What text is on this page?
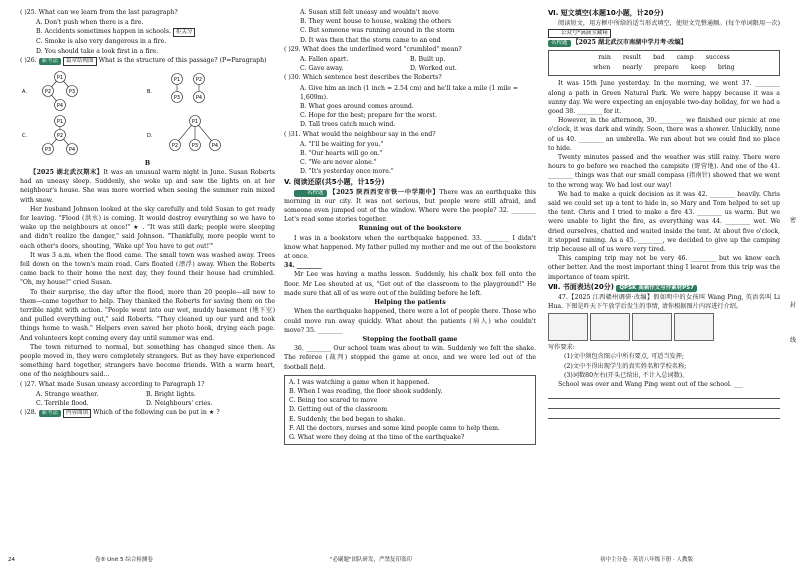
( )25. What can we learn from the last paragraph?
A. Don't push when there is a fire.
B. Accidents sometimes happen in schools. 拒关分
C. Smoke is also very dangerous in a fire.
D. You should take a look first in a fire.
( )26. 新考法 篇章结构图 What is the structure of this passage? (P=Paragraph)
A.
P1
P2	P3
P4
B.
P1	P2
P3	P4
C.
P1
P2
P3	P4
D.
P1
P2	P3	P4
B
【2025 湖北武汉期末】It was an unusual warm night in June. Susan Roberts had an uneasy sleep. Suddenly, she woke up and saw the lights on at her neighbour's house. She was more worried when seeing the summer rain mixed with snow.
Her husband Johnson looked at the sky carefully and told Susan to get ready for leaving. "Flood (洪水) is coming. It would destroy everything so we have to wake up the neighbours at once!" ★ . "It was still dark; people were sleeping and didn't realize the danger," said Johnson. "Thankfully, more people went to each other's doors, shouting, 'Wake up! You have to get out!'"
It was 3 a.m. when the flood came. The small town was washed away. Trees fell down on the town's main road. Cars floated (漂浮) away. When the Roberts came back to their home the next day, they found their house had crumbled. "Oh, my house!" cried Susan.
To their surprise, the day after the flood, more than 20 people—all new to them—came together to help. They thanked the Roberts for saving them on the terrible night with action. "People went into our wet, muddy basement (地下室) and pulled everything out," said Roberts. "They cleaned up our yard and took things home to wash." Helpers even saved her photo book, drying each page. And volunteers kept coming every day until summer was end.
The town returned to normal, but something has changed since then. As people moved in, they were completely strangers. But as they have experienced something hard together, strangers have become friends. With a warm heart, one of the neighbours said...
( )27. What made Susan uneasy according to Paragraph 1?
A. Strange weather.	B. Bright lights.
C. Terrible flood.	D. Neighbours' cries.
( )28. 新考法 内容图填 Which of the following can be put in ★ ?
A. Susan still felt uneasy and wouldn't move
B. They went house to house, waking the others
C. But someone was running around in the storm
D. It was then that the storm came to an end
( )29. What does the underlined word "crumbled" mean?
A. Fallen apart.	B. Built up.
C. Gave away.	D. Worked out.
( )30. Which sentence best describes the Roberts?
A. Give him an inch (1 inch = 2.54 cm) and he'll take a mile (1 mile ≈ 1,609m).
B. What goes around comes around.
C. Hope for the best; prepare for the worst.
D. Tall trees catch much wind.
( )31. What would the neighbour say in the end?
A. "I'll be waiting for you."
B. "Our hearts will go on."
C. "We are never alone."
D. "It's yesterday once more."
V. 阅读还原(共5小题，计15分)
名校题 【2025 陕西西安市铁一中学期中】There was an earthquake this morning in our city. It was not serious, but people were still afraid, and someone even jumped out of the window. Where were the people? 32. ________ Let's read some stories together.
Running out of the bookstore
I was in a bookstore when the earthquake happened. 33. ________ I didn't know what happened. My father pulled my mother and me out of the bookstore at once.
34. ________
Mr Lee was having a maths lesson. Suddenly, his chalk box fell onto the floor. Mr Lee shouted at us, "Get out of the classroom to the playground!" He made sure that all of us were out of the building before he left.
Helping the patients
When the earthquake happened, there were a lot of people there. Those who could move ran away quickly. What about the patients (病人) who couldn't move? 35. ________
Stopping the football game
36. ________ Our school team was about to win. Suddenly we felt the shake. The referee (裁判) stopped the game at once, and we were led out of the football field.
A. I was watching a game when it happened.
B. When I was reading, the floor shook suddenly.
C. Being too scared to move
D. Getting out of the classroom
E. Suddenly, the bed began to shake.
F. All the doctors, nurses and some kind people came to help them.
G. What were they doing at the time of the earthquake?
Ⅵ. 短文填空(本题10小题，计20分)
阅读短文，用方框中所给的适当形式填空，使短文完整通顺。(每个单词限用一次) 公众号*滴滴宝藏箱
名校题 【2025 湖北武汉市南湖中学月考·改编】
rain result bad camp success
when nearly prepare keep bring
It was 15th June yesterday. In the morning, we went 37. ________ along a path in Green Natural Park. We were happy because it was a sunny day. We were expecting an enjoyable two-day holiday, for we had a good 38. ________ for it.
However, in the afternoon, 39. ________ we finished our picnic at one o'clock, it was dark and windy. Soon, there was a shower. Unluckily, none of us 40. ________ an umbrella. We ran about but we could find no place to hide.
Twenty minutes passed and the weather was still rainy. There were hours to go before we reached the campsite (野营地). And one of the 41. ________ things was that our small compass (指南针) showed that we went to the wrong way. We had lost our way!
We had to make a quick decision as it was 42. ________ heavily. Chris said we could set up a tent to hide in, so Mary and Tom helped to set up the tent. Chris and I tried to make a fire 43. ________ us warm. But we were unable to light the fire, as everything was 44. ________ wet. We dried ourselves, chatted and waited inside the tent. At about five o'clock, it stopped raining. As a 45. ________, we decided to give up the camping trip because all of us were very tired.
This camping trip may not be very 46. ________ but we know each other better. And the most important thing I learnt from this trip was the importance of team spirit.
Ⅶ. 书面表达(20分) QPSK 高频作文写作素材P57
47.【2025 江西赣州调研·改编】假如明中的女孩叫 Wang Ping, 英语名叫 Li Hua. 下图是昨天下午放学后发生的事情, 请你根据图片内容进行介绍。
写作要求:
(1)文中须包含图示中所有要点, 可适当发挥;
(2)文中不得出现学生的真实姓名和学校名称;
(3)词数80左右(开头已给出, 不计入总词数)。
School was over and Wang Ping went out of the school. ___
密
封
线
24	卷⑤ Unit 5 综合检测卷	"必刷题"团队研发，严禁复印盗印	初中主分卷 · 英语八年级下册 · 人教版
